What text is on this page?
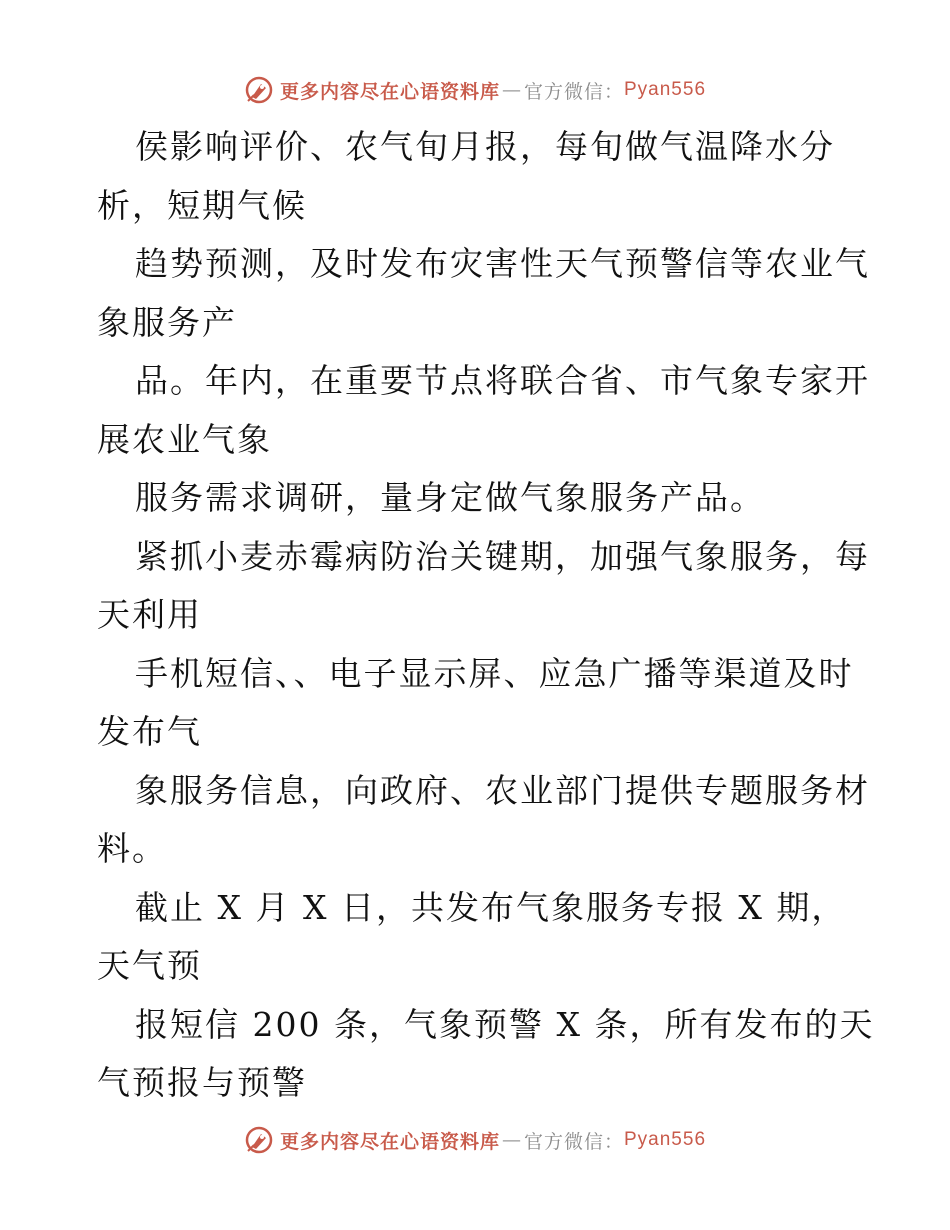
更多内容尽在心语资料库 — 官方微信： Pyan556
侯影响评价、农气旬月报，每旬做气温降水分
析，短期气候
趋势预测，及时发布灾害性天气预警信等农业气
象服务产
品。年内，在重要节点将联合省、市气象专家开
展农业气象
服务需求调研，量身定做气象服务产品。
紧抓小麦赤霉病防治关键期，加强气象服务，每
天利用
手机短信、、电子显示屏、应急广播等渠道及时
发布气
象服务信息，向政府、农业部门提供专题服务材
料。
截止 X 月 X 日，共发布气象服务专报 X 期，
天气预
报短信 200 条，气象预警 X 条，所有发布的天
气预报与预警
更多内容尽在心语资料库 — 官方微信： Pyan556
